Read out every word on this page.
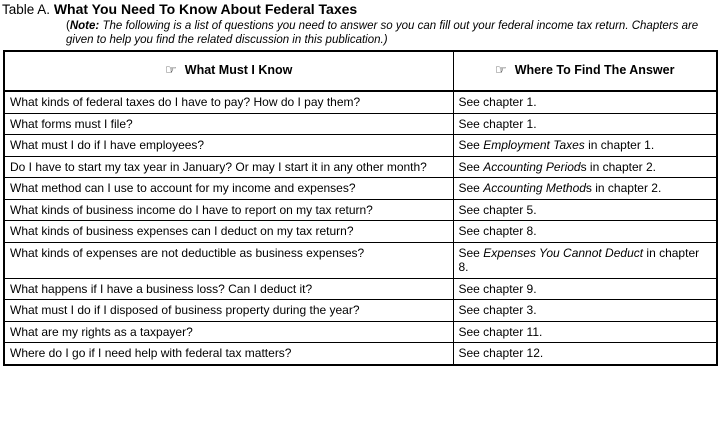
Table A. What You Need To Know About Federal Taxes
(Note: The following is a list of questions you need to answer so you can fill out your federal income tax return. Chapters are given to help you find the related discussion in this publication.)
☞ What Must I Know	☞ Where To Find The Answer
What kinds of federal taxes do I have to pay? How do I pay them?	See chapter 1.
What forms must I file?	See chapter 1.
What must I do if I have employees?	See Employment Taxes in chapter 1.
Do I have to start my tax year in January? Or may I start it in any other month?	See Accounting Periods in chapter 2.
What method can I use to account for my income and expenses?	See Accounting Methods in chapter 2.
What kinds of business income do I have to report on my tax return?	See chapter 5.
What kinds of business expenses can I deduct on my tax return?	See chapter 8.
What kinds of expenses are not deductible as business expenses?	See Expenses You Cannot Deduct in chapter 8.
What happens if I have a business loss? Can I deduct it?	See chapter 9.
What must I do if I disposed of business property during the year?	See chapter 3.
What are my rights as a taxpayer?	See chapter 11.
Where do I go if I need help with federal tax matters?	See chapter 12.
